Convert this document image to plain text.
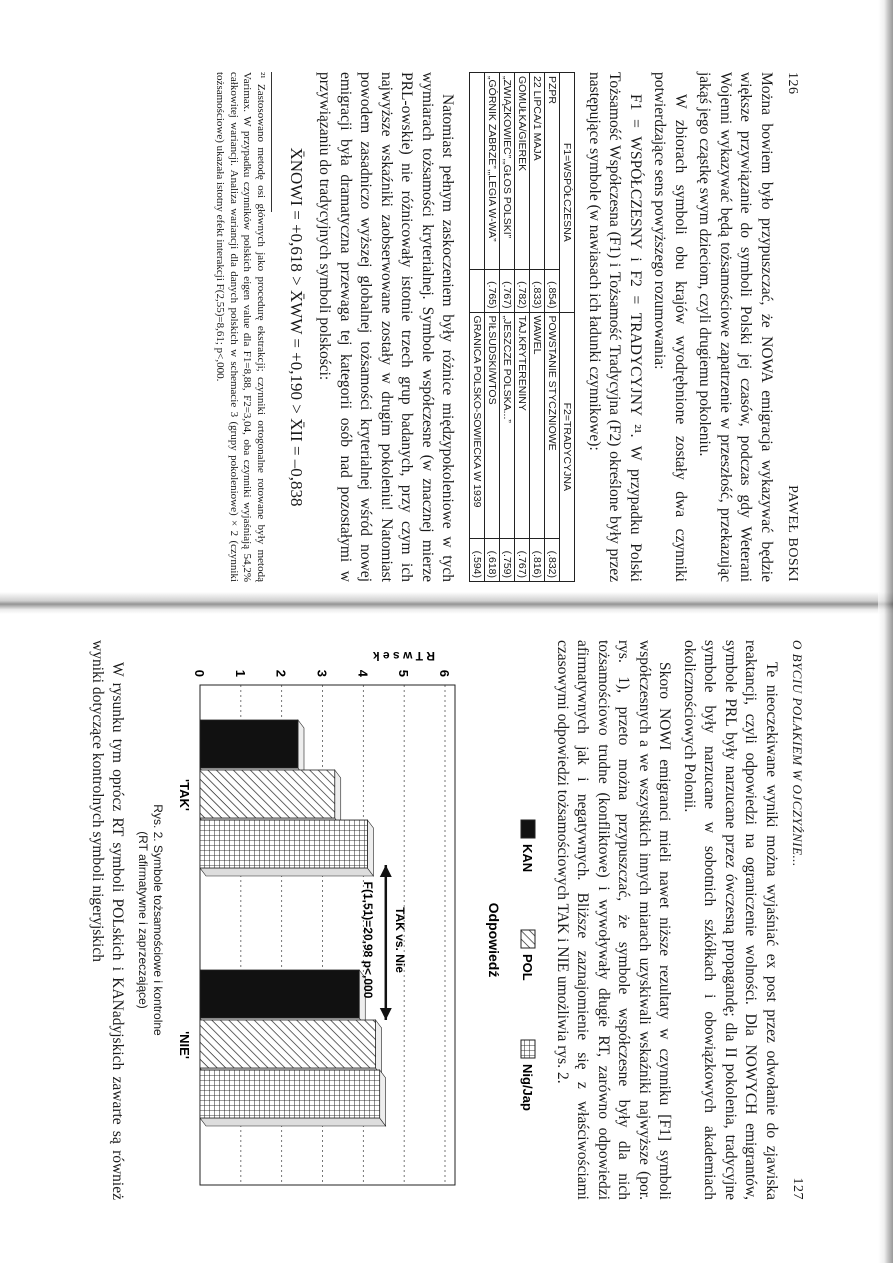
126
PAWEŁ BOSKI

Można bowiem było przypuszczać, że NOWA emigracja wykazywać będzie większe przywiązanie do symboli Polski jej czasów, podczas gdy Weterani Wojenni wykazywać będą tożsamościowe zapatrzenie w przeszłość, przekazując jakąś jego cząstkę swym dzieciom, czyli drugiemu pokoleniu.

W zbiorach symboli obu krajów wyodrębnione zostały dwa czynniki potwierdzające sens powyższego rozumowania:

F1 = WSPÓŁCZESNY i F2 = TRADYCYJNY ²¹. W przypadku Polski Tożsamość Współczesna (F1) i Tożsamość Tradycyjna (F2) określone były przez następujące symbole (w nawiasach ich ładunki czynnikowe):

F1=WSPÓŁCZESNA		F2=TRADYCYJNA	
PZPR	(.854)	POWSTANIE STYCZNIOWE	(.832)
22 LIPCA/1 MAJA	(.833)	WAWEL	(.816)
GOMUŁKA/GIEREK	(.782)	TAJ.KRYTERENINY	(.767)
„ZWIĄZKOWIEC”,„GŁOS POLSKI”	(.767)	„JESZCZE POLSKA...”	(.759)
„GÓRNIK ZABRZE”,„LEGIA W-WA”	(.765)	PIŁSUDSKI/WTOS	(.618)
		GRANICA POLSKO-SOWIECKA W 1939	(.594)

Natomiast pełnym zaskoczeniem były różnice międzypokoleniowe w tych wymiarach tożsamości kryterialnej. Symbole współczesne (w znacznej mierze PRL-owskie) nie różnicowały istotnie trzech grup badanych, przy czym ich najwyższe wskaźniki zaobserwowane zostały w drugim pokoleniu! Natomiast powodem zasadniczo wyższej globalnej tożsamości kryterialnej wśród nowej emigracji była dramatyczna przewaga tej kategorii osób nad pozostałymi w przywiązaniu do tradycyjnych symboli polskości:

X̄NOWI = +0,618 > X̄WW = +0,190 > X̄II = –0,838
²¹ Zastosowano metodę osi głównych jako procedurę ekstrakcji; czynniki ortogonalne rotowane były metodą Varimax. W przypadku czynników polskich eigen value dla F1=8,88, F2=3,04, oba czynniki wyjaśniają 54,2% całkowitej wariancji. Analiza wariancji dla danych polskich w schemacie 3 (grupy pokoleniowe) × 2 (czynniki tożsamościowe) ukazała istotny efekt interakcji F(2,55)=8,61; p<,000.
O BYCIU POLAKIEM W OJCZYŹNIE...
127

Te nieoczekiwane wyniki można wyjaśniać ex post przez odwołanie do zjawiska reaktancji, czyli odpowiedzi na ograniczenie wolności. Dla NOWYCH emigrantów, symbole PRL były narzucane przez ówczesną propagandę; dla II pokolenia, tradycyjne symbole były narzucane w sobotnich szkółkach i obowiązkowych akademiach okolicznościowych Polonii.

Skoro NOWI emigranci mieli nawet niższe rezultaty w czynniku [F1] symboli współczesnych a we wszystkich innych miarach uzyskiwali wskaźniki najwyższe (por. rys. 1), przeto można przypuszczać, że symbole współczesne były dla nich tożsamościowo trudne (konfliktowe) i wywoływały długie RT, zarówno odpowiedzi afirmatywnych jak i negatywnych. Bliższe zaznajomienie się z właściwościami czasowymi odpowiedzi tożsamościowych TAK i NIE umożliwia rys. 2.

0 1 2 3 4 5 6
R T w s e k
'TAK'
'NIE'
Odpowiedź
TAK vs. Nie
F(1,51)=20,98 p<,000
KAN
POL
Nig/Jap
Rys. 2. Symbole tożsamościowe i kontrolne
(RT afirmatywne i zaprzeczające)

W rysunku tym oprócz RT symboli POLskich i KANadyjskich zawarte są również wyniki dotyczące kontrolnych symboli nigeryjskich
